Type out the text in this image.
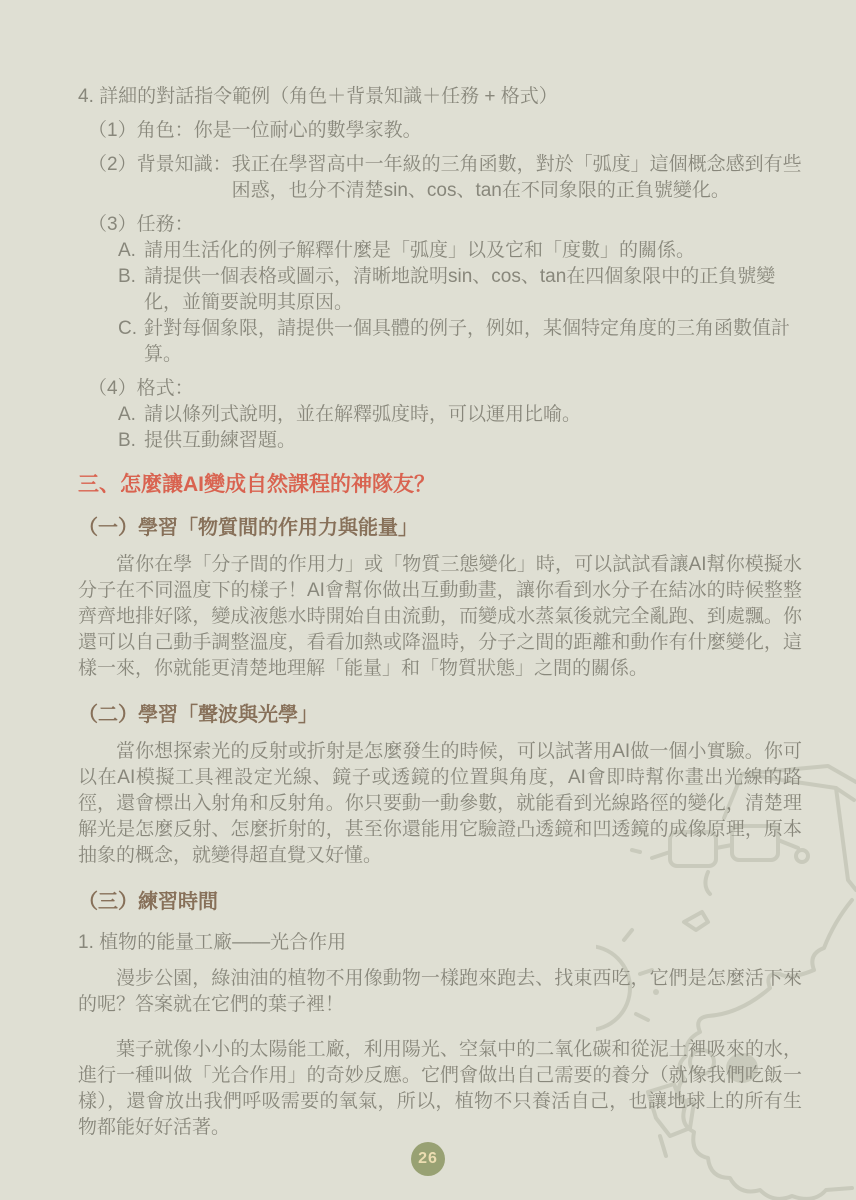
4. 詳細的對話指令範例（角色＋背景知識＋任務 + 格式）
（1） 角色： 你是一位耐心的數學家教。
（2） 背景知識： 我正在學習高中一年級的三角函數，對於「弧度」這個概念感到有些困惑，也分不清楚sin、cos、tan在不同象限的正負號變化。
（3） 任務：
A. 請用生活化的例子解釋什麼是「弧度」以及它和「度數」的關係。
B. 請提供一個表格或圖示，清晰地說明sin、cos、tan在四個象限中的正負號變化，並簡要說明其原因。
C. 針對每個象限，請提供一個具體的例子，例如，某個特定角度的三角函數值計算。
（4） 格式：
A. 請以條列式說明，並在解釋弧度時，可以運用比喻。
B. 提供互動練習題。
三、怎麼讓AI變成自然課程的神隊友？
（一）學習「物質間的作用力與能量」

當你在學「分子間的作用力」或「物質三態變化」時，可以試試看讓AI幫你模擬水分子在不同溫度下的樣子！AI會幫你做出互動動畫，讓你看到水分子在結冰的時候整整齊齊地排好隊，變成液態水時開始自由流動，而變成水蒸氣後就完全亂跑、到處飄。你還可以自己動手調整溫度，看看加熱或降溫時，分子之間的距離和動作有什麼變化，這樣一來，你就能更清楚地理解「能量」和「物質狀態」之間的關係。

（二）學習「聲波與光學」

當你想探索光的反射或折射是怎麼發生的時候，可以試著用AI做一個小實驗。你可以在AI模擬工具裡設定光線、鏡子或透鏡的位置與角度，AI會即時幫你畫出光線的路徑，還會標出入射角和反射角。你只要動一動參數，就能看到光線路徑的變化，清楚理解光是怎麼反射、怎麼折射的，甚至你還能用它驗證凸透鏡和凹透鏡的成像原理，原本抽象的概念，就變得超直覺又好懂。

（三）練習時間
1. 植物的能量工廠——光合作用

漫步公園，綠油油的植物不用像動物一樣跑來跑去、找東西吃，它們是怎麼活下來的呢？答案就在它們的葉子裡！

葉子就像小小的太陽能工廠，利用陽光、空氣中的二氧化碳和從泥土裡吸來的水，進行一種叫做「光合作用」的奇妙反應。它們會做出自己需要的養分（就像我們吃飯一樣），還會放出我們呼吸需要的氧氣，所以，植物不只養活自己，也讓地球上的所有生物都能好好活著。

26
